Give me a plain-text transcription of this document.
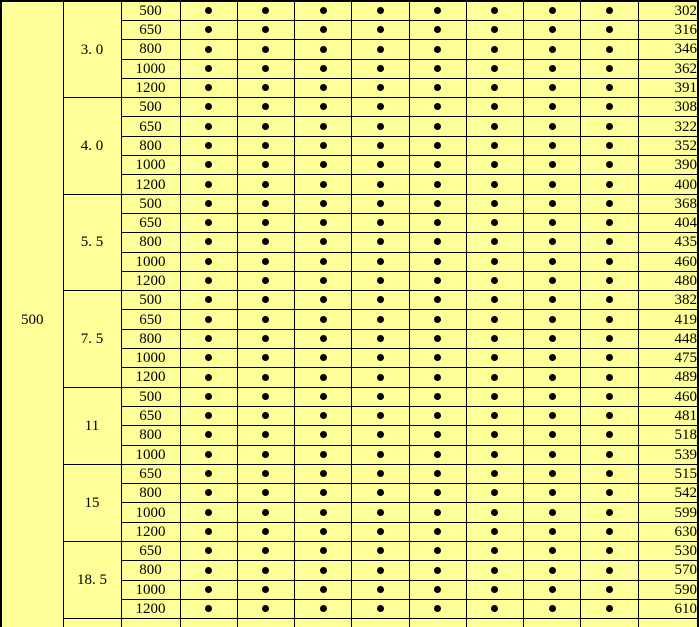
500	3. 0	500									302
		650									316
		800									346
		1000									362
		1200									391
	4. 0	500									308
		650									322
		800									352
		1000									390
		1200									400
	5. 5	500									368
		650									404
		800									435
		1000									460
		1200									480
	7. 5	500									382
		650									419
		800									448
		1000									475
		1200									489
	11	500									460
		650									481
		800									518
		1000									539
	15	650									515
		800									542
		1000									599
		1200									630
	18. 5	650									530
		800									570
		1000									590
		1200									610
